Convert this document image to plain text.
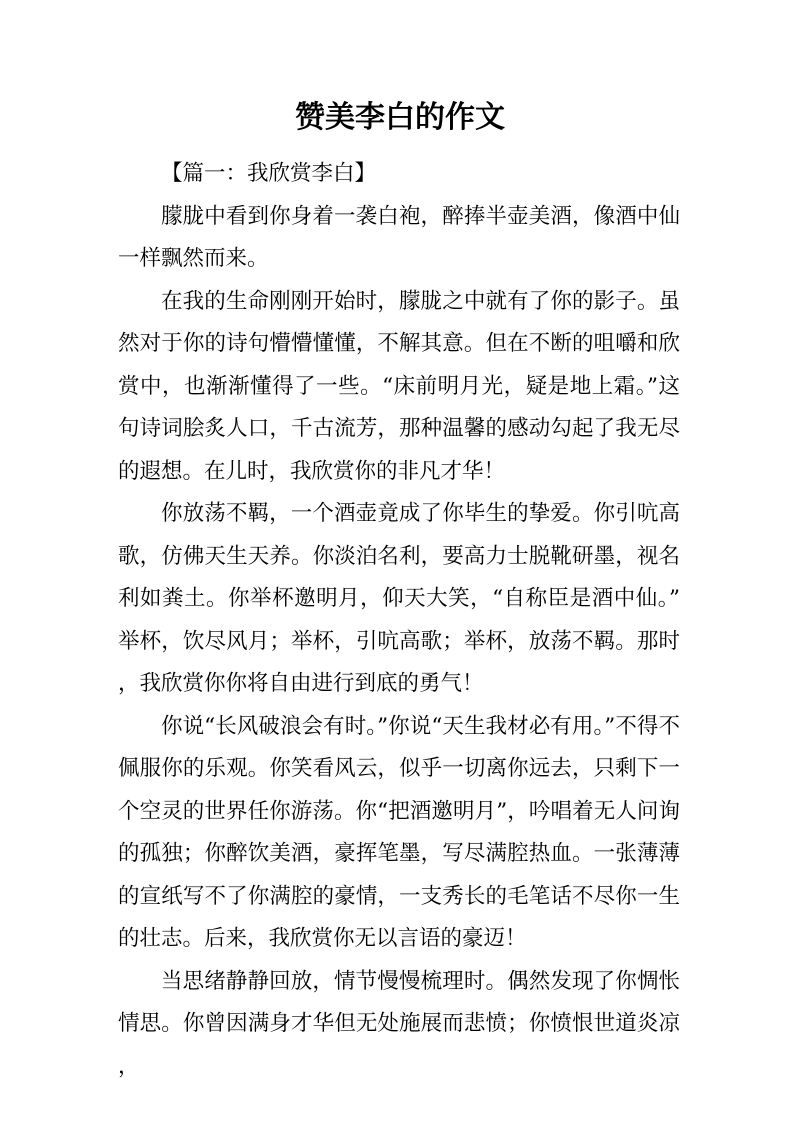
赞美李白的作文

【篇一：我欣赏李白】

朦胧中看到你身着一袭白袍，醉捧半壶美酒，像酒中仙一样飘然而来。

在我的生命刚刚开始时，朦胧之中就有了你的影子。虽然对于你的诗句懵懵懂懂，不解其意。但在不断的咀嚼和欣赏中，也渐渐懂得了一些。“床前明月光，疑是地上霜。”这句诗词脍炙人口，千古流芳，那种温馨的感动勾起了我无尽的遐想。在儿时，我欣赏你的非凡才华！

你放荡不羁，一个酒壶竟成了你毕生的挚爱。你引吭高歌，仿佛天生天养。你淡泊名利，要高力士脱靴研墨，视名利如粪土。你举杯邀明月，仰天大笑，“自称臣是酒中仙。”举杯，饮尽风月；举杯，引吭高歌；举杯，放荡不羁。那时，我欣赏你你将自由进行到底的勇气！

你说“长风破浪会有时。”你说“天生我材必有用。”不得不佩服你的乐观。你笑看风云，似乎一切离你远去，只剩下一个空灵的世界任你游荡。你“把酒邀明月”，吟唱着无人问询的孤独；你醉饮美酒，豪挥笔墨，写尽满腔热血。一张薄薄的宣纸写不了你满腔的豪情，一支秀长的毛笔话不尽你一生的壮志。后来，我欣赏你无以言语的豪迈！

当思绪静静回放，情节慢慢梳理时。偶然发现了你惆怅情思。你曾因满身才华但无处施展而悲愤；你愤恨世道炎凉，
